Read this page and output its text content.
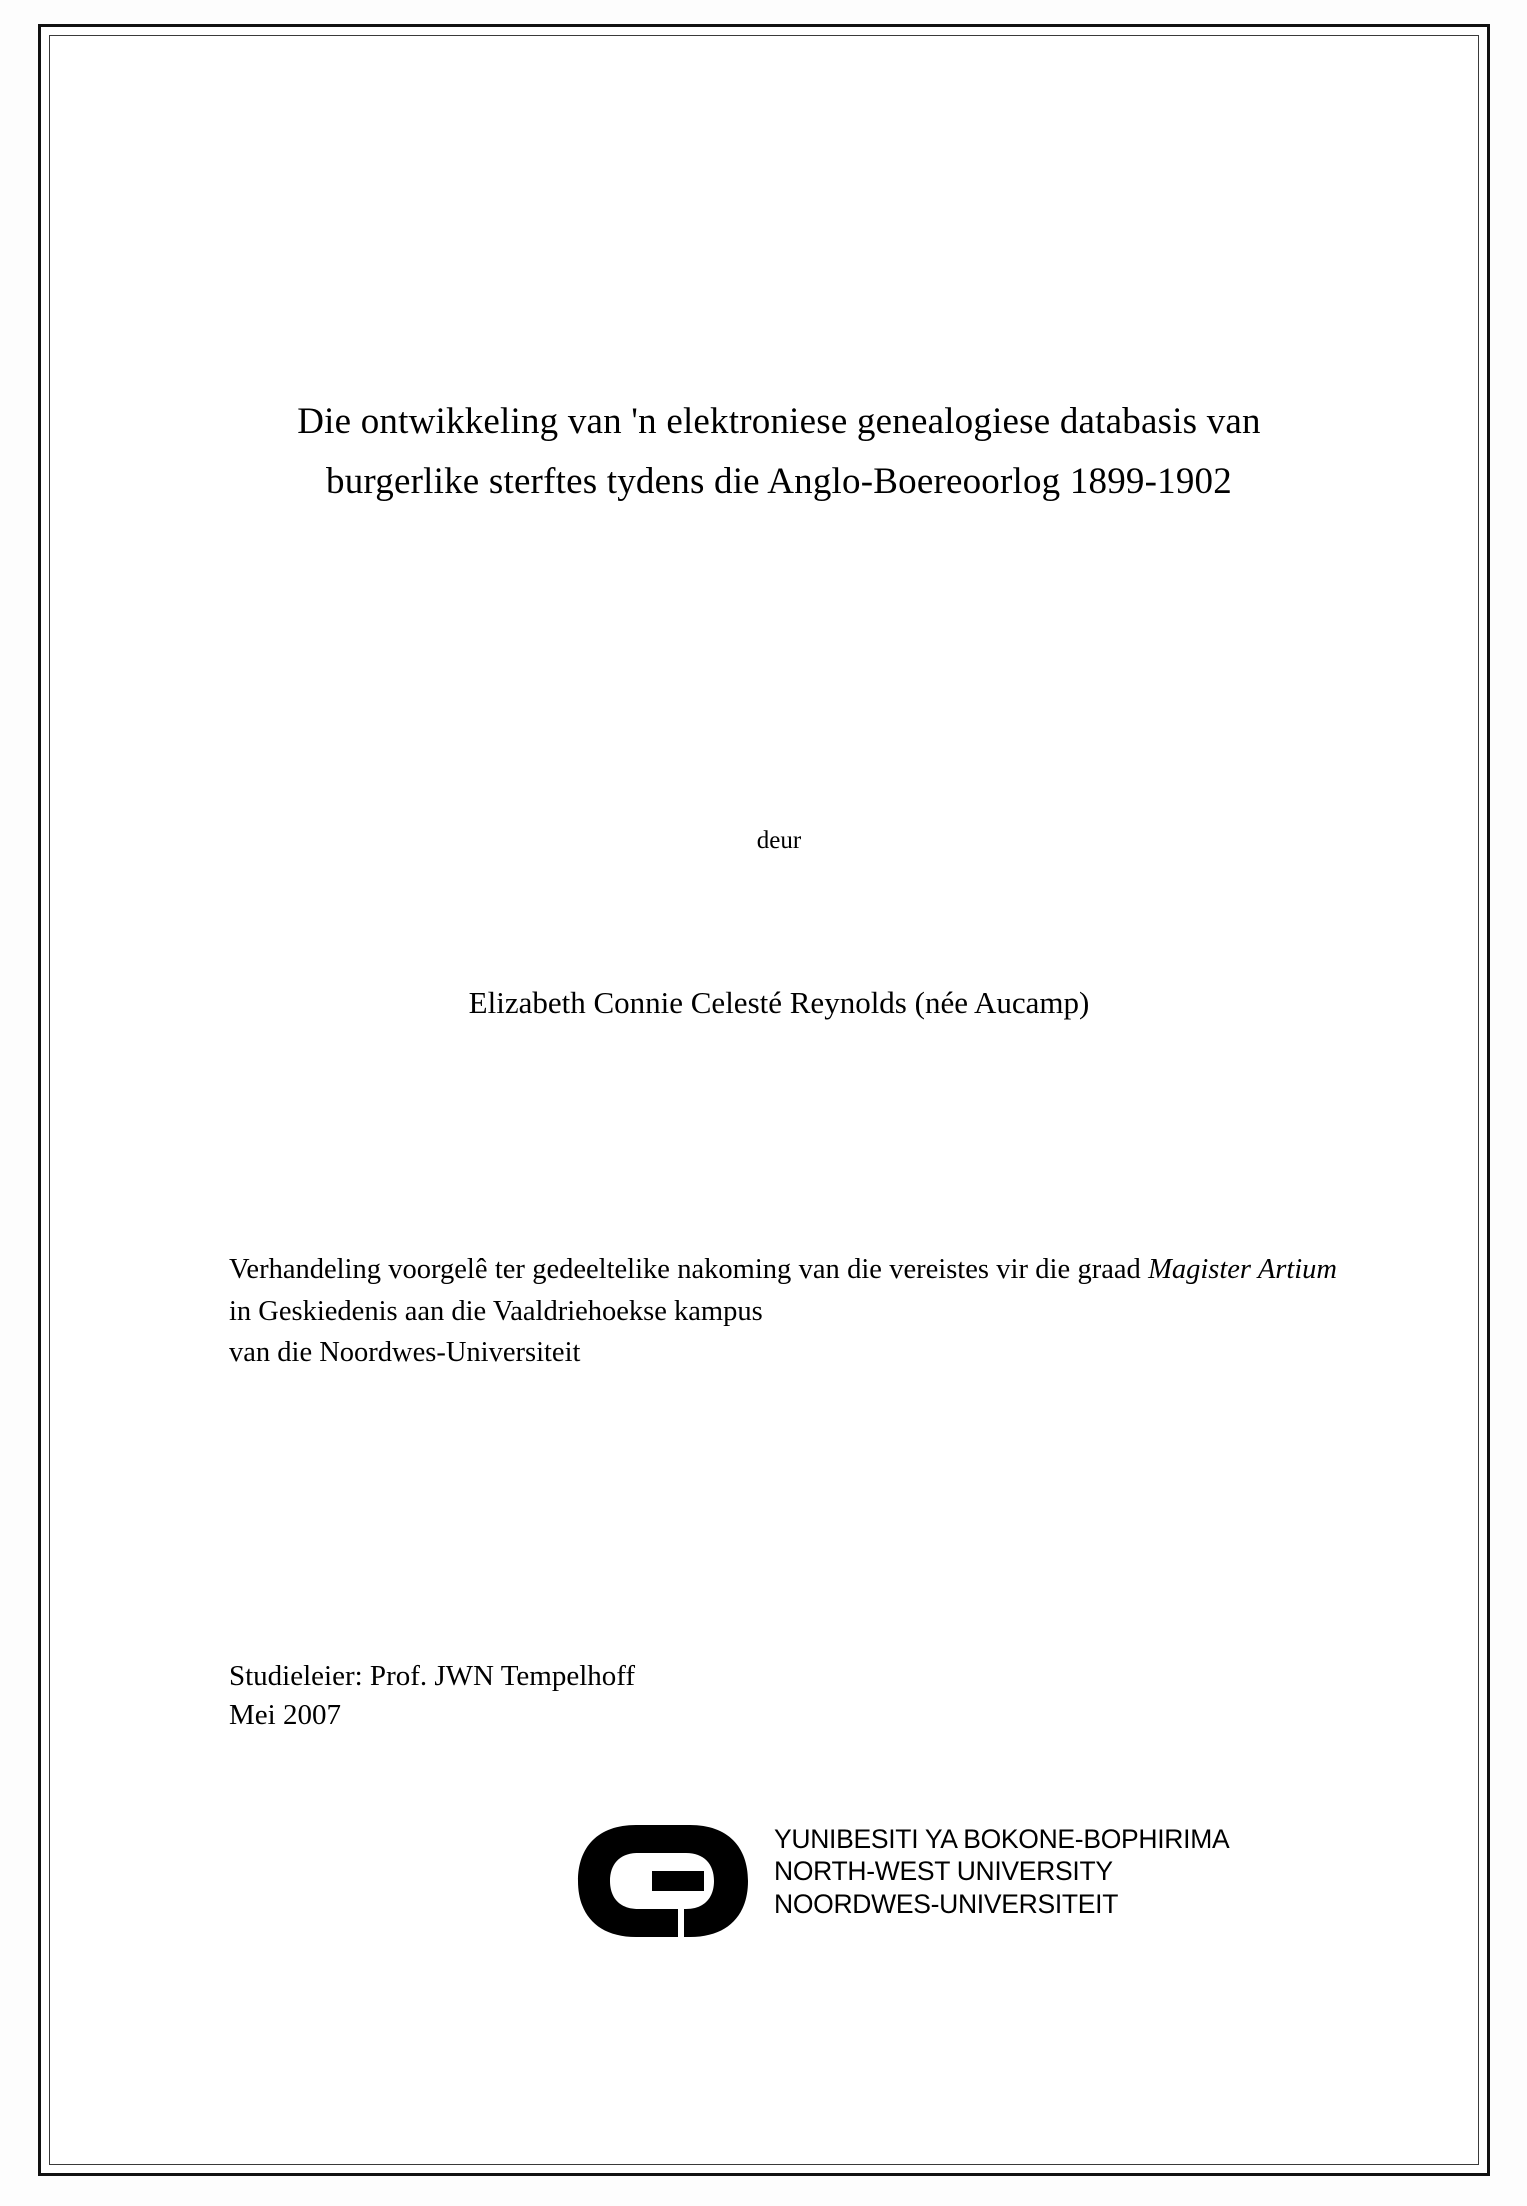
Die ontwikkeling van 'n elektroniese genealogiese databasis van
burgerlike sterftes tydens die Anglo-Boereoorlog 1899-1902
deur
Elizabeth Connie Celesté Reynolds (née Aucamp)
Verhandeling voorgelê ter gedeeltelike nakoming van die vereistes vir die graad Magister Artium in Geskiedenis aan die Vaaldriehoekse kampus
van die Noordwes-Universiteit
Studieleier: Prof. JWN Tempelhoff
Mei 2007
YUNIBESITI YA BOKONE-BOPHIRIMA
NORTH-WEST UNIVERSITY
NOORDWES-UNIVERSITEIT
